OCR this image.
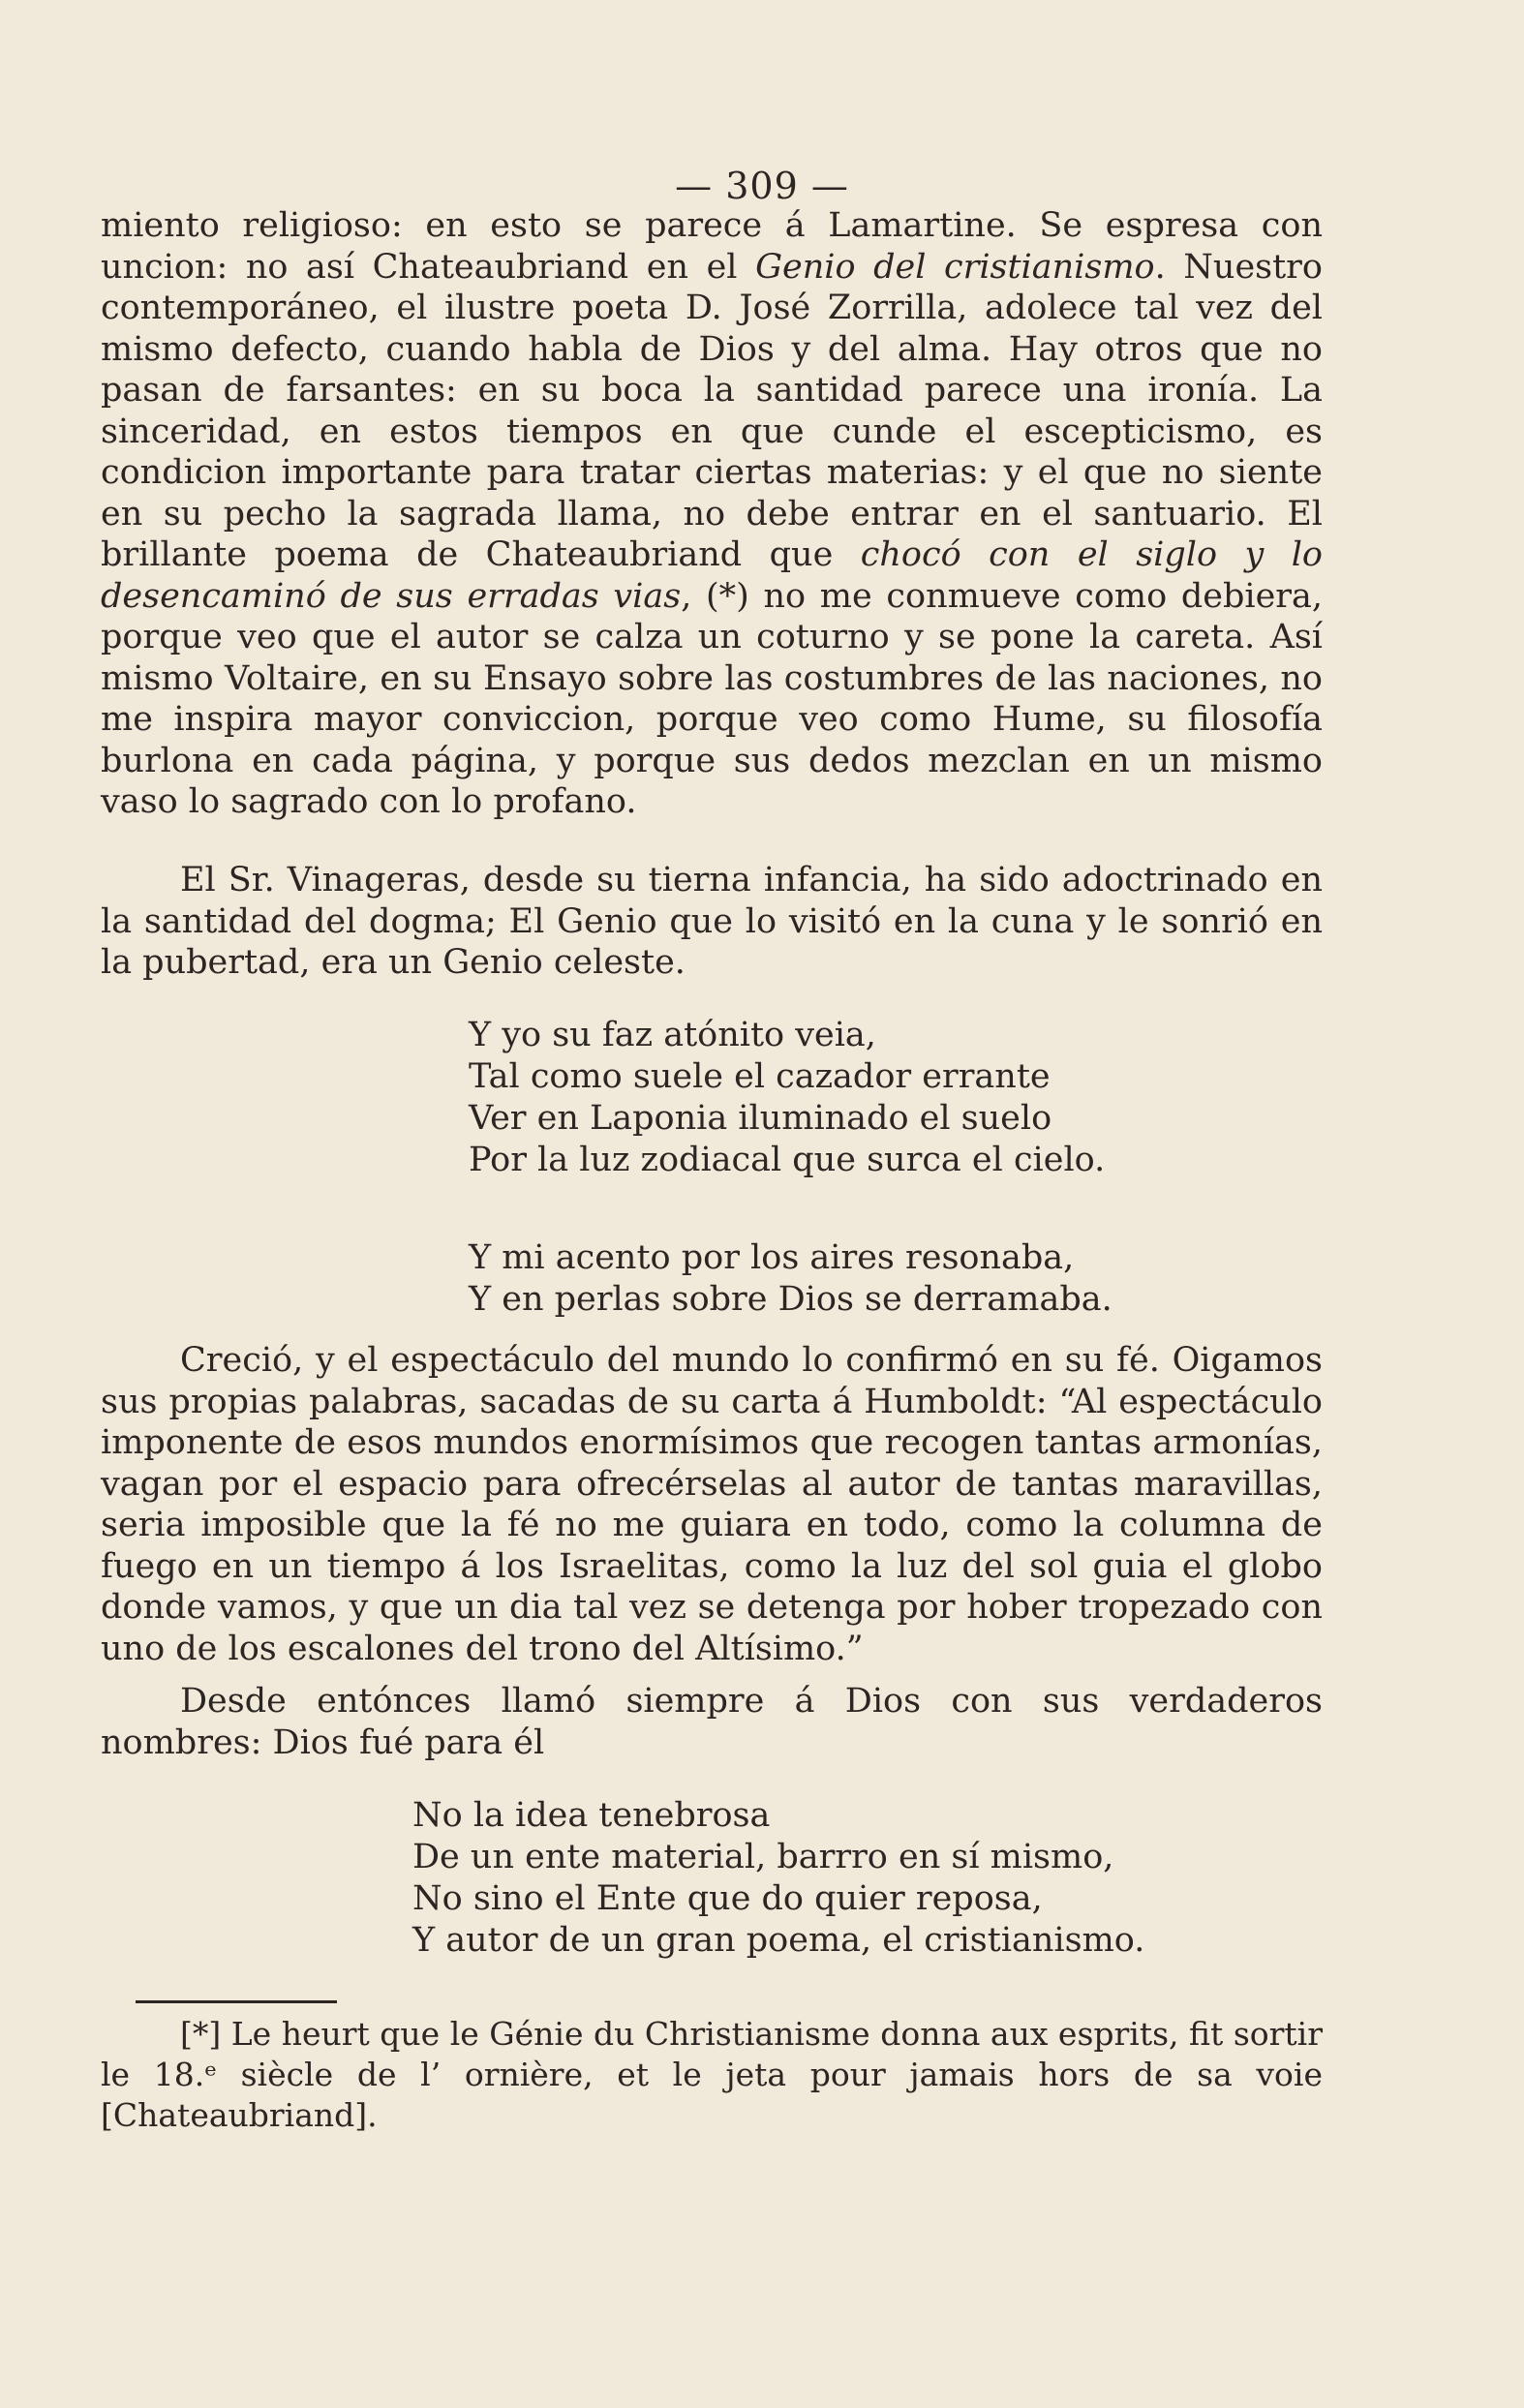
— 309 —

miento religioso: en esto se parece á Lamartine. Se espresa con uncion: no así Chateaubriand en el Genio del cristianismo. Nuestro contemporáneo, el ilustre poeta D. José Zorrilla, adolece tal vez del mismo defecto, cuando habla de Dios y del alma. Hay otros que no pasan de farsantes: en su boca la santidad parece una ironía. La sinceridad, en estos tiempos en que cunde el escepticismo, es condicion importante para tratar ciertas materias: y el que no siente en su pecho la sagrada llama, no debe entrar en el santuario. El brillante poema de Chateaubriand que chocó con el siglo y lo desencaminó de sus erradas vias, (*) no me conmueve como debiera, porque veo que el autor se calza un coturno y se pone la careta. Así mismo Voltaire, en su Ensayo sobre las costumbres de las naciones, no me inspira mayor conviccion, porque veo como Hume, su filosofía burlona en cada página, y porque sus dedos mezclan en un mismo vaso lo sagrado con lo profano.

El Sr. Vinageras, desde su tierna infancia, ha sido adoctrinado en la santidad del dogma; El Genio que lo visitó en la cuna y le sonrió en la pubertad, era un Genio celeste.

Y yo su faz atónito veia,
Tal como suele el cazador errante
Ver en Laponia iluminado el suelo
Por la luz zodiacal que surca el cielo.
Y mi acento por los aires resonaba,
Y en perlas sobre Dios se derramaba.

Creció, y el espectáculo del mundo lo confirmó en su fé. Oigamos sus propias palabras, sacadas de su carta á Humboldt: “Al espectáculo imponente de esos mundos enormísimos que recogen tantas armonías, vagan por el espacio para ofrecérselas al autor de tantas maravillas, seria imposible que la fé no me guiara en todo, como la columna de fuego en un tiempo á los Israelitas, como la luz del sol guia el globo donde vamos, y que un dia tal vez se detenga por hober tropezado con uno de los escalones del trono del Altísimo.”

Desde entónces llamó siempre á Dios con sus verdaderos nombres: Dios fué para él

No la idea tenebrosa
De un ente material, barrro en sí mismo,
No sino el Ente que do quier reposa,
Y autor de un gran poema, el cristianismo.

[*] Le heurt que le Génie du Christianisme donna aux esprits, fit sortir le 18.ᵉ siècle de l’ ornière, et le jeta pour jamais hors de sa voie [Chateaubriand].
